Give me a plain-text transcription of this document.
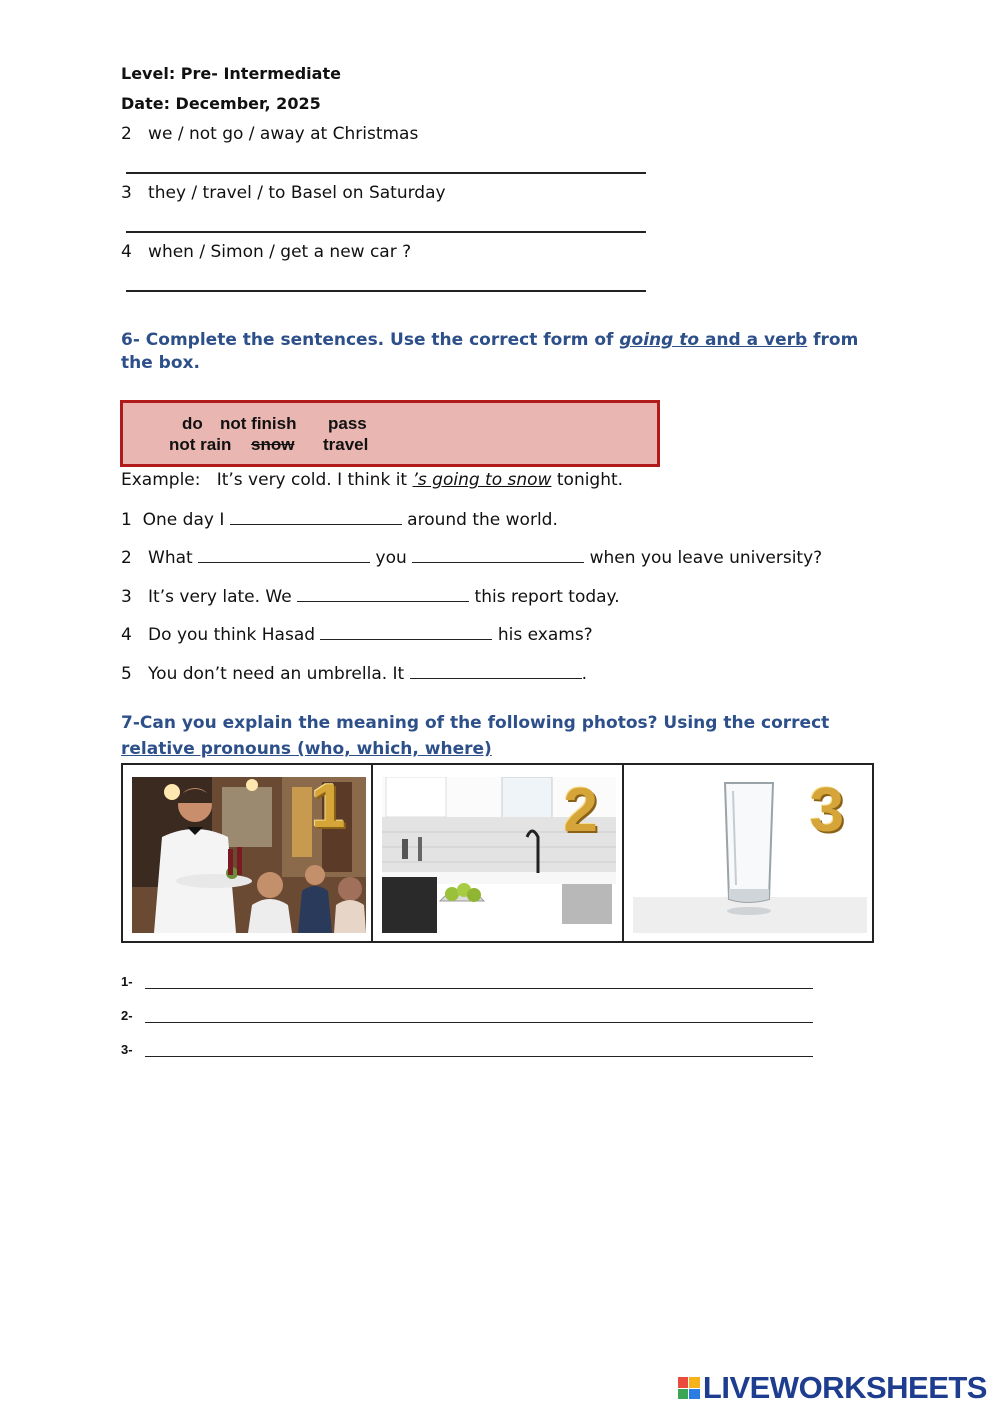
Level: Pre- Intermediate
Date: December, 2025
2 we / not go / away at Christmas
3 they / travel / to Basel on Saturday
4 when / Simon / get a new car ?
6- Complete the sentences. Use the correct form of going to and a verb from the box.
do not finish pass
not rain snow travel
Example: It’s very cold. I think it ’s going to snow tonight.
1 One day I	around the world.
2 What	you	when you leave university?
3 It’s very late. We	this report today.
4 Do you think Hasad	his exams?
5 You don’t need an umbrella. It	.
7-Can you explain the meaning of the following photos? Using the correct
relative pronouns (who, which, where)
1	2	3
1-
2-
3-
LIVEWORKSHEETS
